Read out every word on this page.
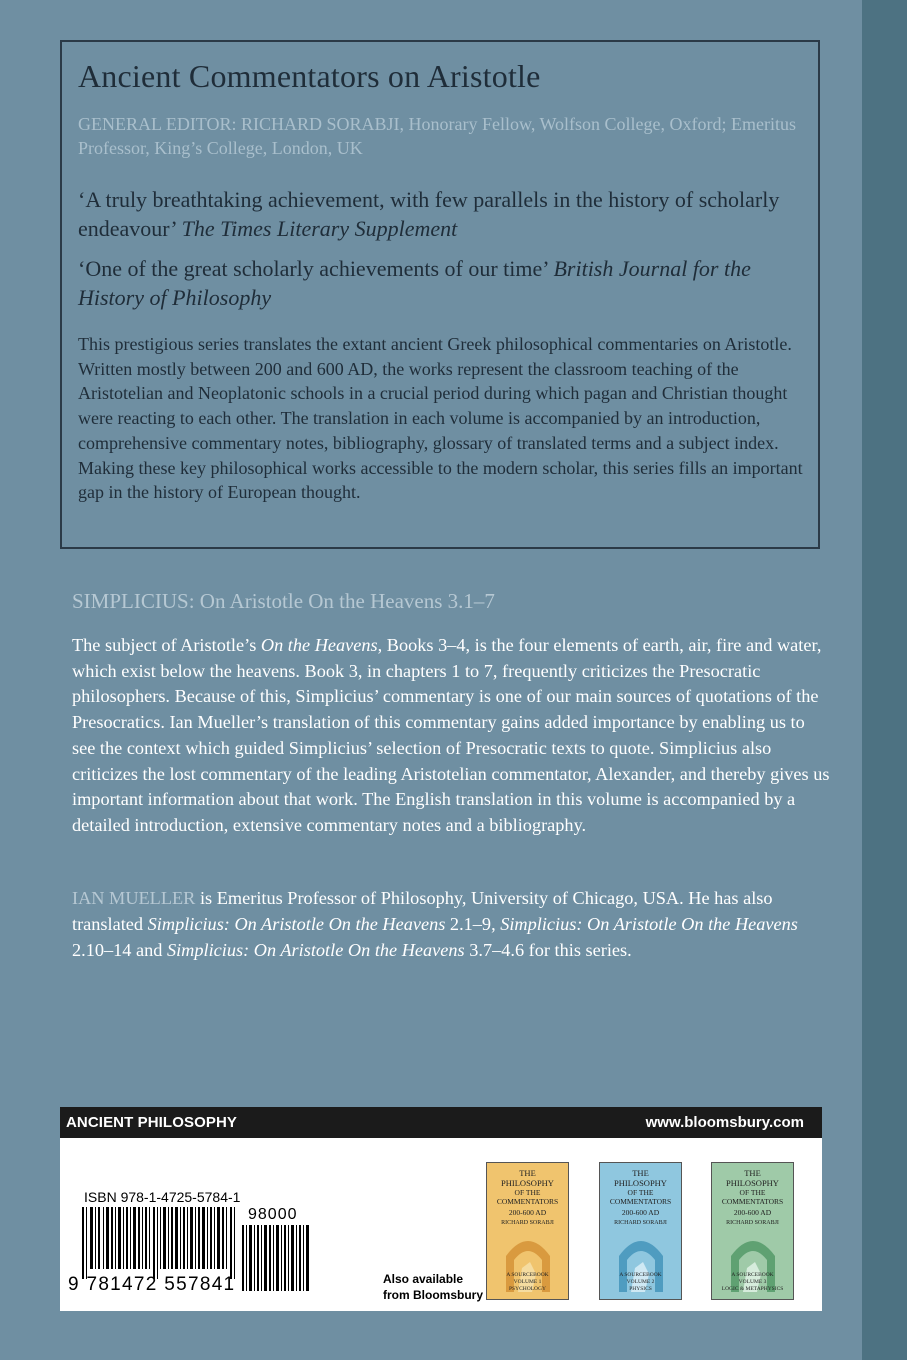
Ancient Commentators on Aristotle
GENERAL EDITOR: RICHARD SORABJI, Honorary Fellow, Wolfson College, Oxford; Emeritus Professor, King’s College, London, UK
‘A truly breathtaking achievement, with few parallels in the history of scholarly endeavour’ The Times Literary Supplement
‘One of the great scholarly achievements of our time’ British Journal for the History of Philosophy
This prestigious series translates the extant ancient Greek philosophical commentaries on Aristotle. Written mostly between 200 and 600 AD, the works represent the classroom teaching of the Aristotelian and Neoplatonic schools in a crucial period during which pagan and Christian thought were reacting to each other. The translation in each volume is accompanied by an introduction, comprehensive commentary notes, bibliography, glossary of translated terms and a subject index. Making these key philosophical works accessible to the modern scholar, this series fills an important gap in the history of European thought.
SIMPLICIUS: On Aristotle On the Heavens 3.1–7
The subject of Aristotle’s On the Heavens, Books 3–4, is the four elements of earth, air, fire and water, which exist below the heavens. Book 3, in chapters 1 to 7, frequently criticizes the Presocratic philosophers. Because of this, Simplicius’ commentary is one of our main sources of quotations of the Presocratics. Ian Mueller’s translation of this commentary gains added importance by enabling us to see the context which guided Simplicius’ selection of Presocratic texts to quote. Simplicius also criticizes the lost commentary of the leading Aristotelian commentator, Alexander, and thereby gives us important information about that work. The English translation in this volume is accompanied by a detailed introduction, extensive commentary notes and a bibliography.
IAN MUELLER is Emeritus Professor of Philosophy, University of Chicago, USA. He has also translated Simplicius: On Aristotle On the Heavens 2.1–9, Simplicius: On Aristotle On the Heavens 2.10–14 and Simplicius: On Aristotle On the Heavens 3.7–4.6 for this series.
ANCIENT PHILOSOPHY	www.bloomsbury.com
ISBN 978-1-4725-5784-1
98000
9 781472 557841	Also available
from Bloomsbury
THE
PHILOSOPHY
OF THE
COMMENTATORS
200-600 AD
RICHARD SORABJI
A SOURCEBOOK
VOLUME 1
PSYCHOLOGY
THE
PHILOSOPHY
OF THE
COMMENTATORS
200-600 AD
RICHARD SORABJI
A SOURCEBOOK
VOLUME 2
PHYSICS
THE
PHILOSOPHY
OF THE
COMMENTATORS
200-600 AD
RICHARD SORABJI
A SOURCEBOOK
VOLUME 3
LOGIC & METAPHYSICS
